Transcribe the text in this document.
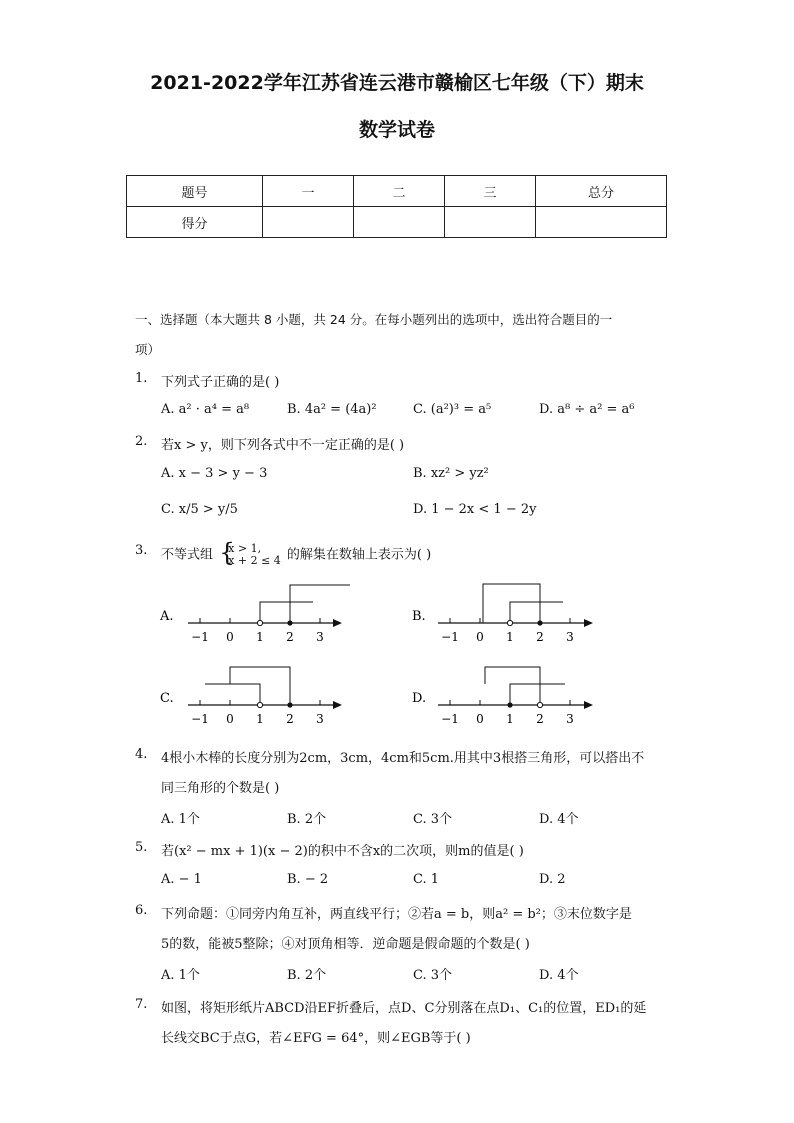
2021-2022学年江苏省连云港市赣榆区七年级（下）期末
数学试卷
题号	一	二	三	总分
得分				
一、选择题（本大题共 8 小题，共 24 分。在每小题列出的选项中，选出符合题目的一
项）
1. 下列式子正确的是( )
A. a² · a⁴ = a⁸	B. 4a² = (4a)²	C. (a²)³ = a⁵	D. a⁸ ÷ a² = a⁶
2. 若x > y，则下列各式中不一定正确的是( )
A. x − 3 > y − 3	B. xz² > yz²
C. x/5 > y/5	D. 1 − 2x < 1 − 2y
3. 不等式组 {
x > 1,
x + 2 ≤ 4 的解集在数轴上表示为( )
A.
−1 0 1 2 3
B.
−1 0 1 2 3
C.
−1 0 1 2 3
D.
−1 0 1 2 3
4. 4根小木棒的长度分别为2cm，3cm，4cm和5cm.用其中3根搭三角形，可以搭出不
同三角形的个数是( )
A. 1个	B. 2个	C. 3个	D. 4个
5. 若(x² − mx + 1)(x − 2)的积中不含x的二次项，则m的值是( )
A. − 1	B. − 2	C. 1	D. 2
6. 下列命题：①同旁内角互补，两直线平行；②若a = b，则a² = b²；③末位数字是
5的数，能被5整除；④对顶角相等．逆命题是假命题的个数是( )
A. 1个	B. 2个	C. 3个	D. 4个
7. 如图，将矩形纸片ABCD沿EF折叠后，点D、C分别落在点D₁、C₁的位置，ED₁的延
长线交BC于点G，若∠EFG = 64°，则∠EGB等于( )
